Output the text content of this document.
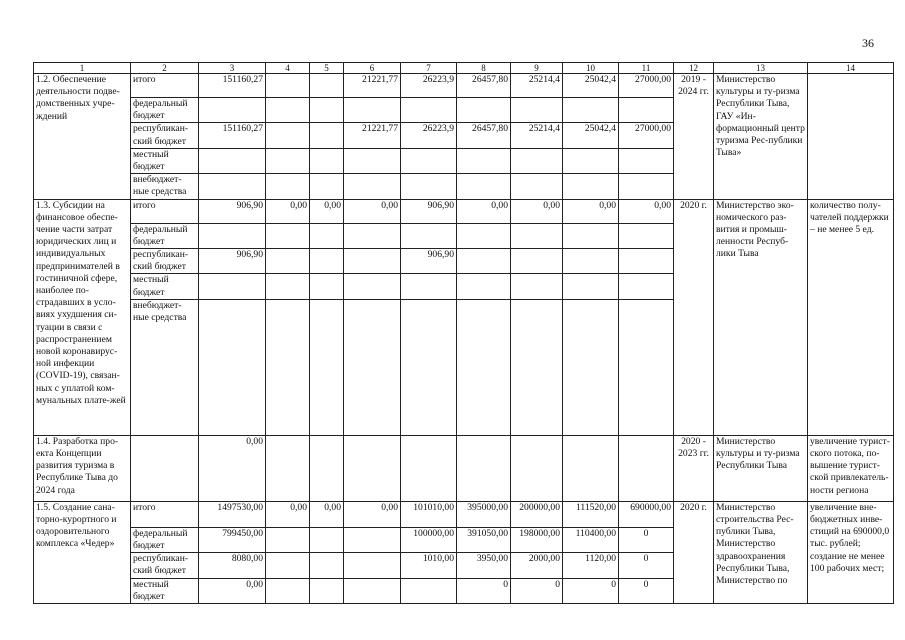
36
1	2	3	4	5	6	7	8	9	10	11	12	13	14
1.2. Обеспечение деятельности подве-домственных учре-ждений	итого	151160,27			21221,77	26223,9	26457,80	25214,4	25042,4	27000,00	2019 - 2024 гг.	Министерство культуры и ту-ризма Республики Тыва, ГАУ «Ин-формационный центр туризма Рес-публики Тыва»	
	федеральный бюджет												
	республикан-ский бюджет	151160,27			21221,77	26223,9	26457,80	25214,4	25042,4	27000,00			
	местный бюджет												
	внебюджет-ные средства												
1.3. Субсидии на финансовое обеспе-чение части затрат юридических лиц и индивидуальных предпринимателей в гостиничной сфере, наиболее по-страдавших в усло-виях ухудшения си-туации в связи с распространением новой коронавирус-ной инфекции (COVID-19), связан-ных с уплатой ком-мунальных плате-жей	итого	906,90	0,00	0,00	0,00	906,90	0,00	0,00	0,00	0,00	2020 г.	Министерство эко-номического раз-вития и промыш-ленности Респуб-лики Тыва	количество полу-чателей поддержки – не менее 5 ед.
	федеральный бюджет												
	республикан-ский бюджет	906,90				906,90							
	местный бюджет												
	внебюджет-ные средства												
1.4. Разработка про-екта Концепции развития туризма в Республике Тыва до 2024 года		0,00									2020 - 2023 гг.	Министерство культуры и ту-ризма Республики Тыва	увеличение турист-ского потока, по-вышение турист-ской привлекатель-ности региона
1.5. Создание сана-торно-курортного и оздоровительного комплекса «Чедер»	итого	1497530,00	0,00	0,00	0,00	101010,00	395000,00	200000,00	111520,00	690000,00	2020 г.	Министерство строительства Рес-публики Тыва, Министерство здравоохранения Республики Тыва, Министерство по	увеличение вне-бюджетных инве-стиций на 690000,0 тыс. рублей; создание не менее 100 рабочих мест;
	федеральный бюджет	799450,00				100000,00	391050,00	198000,00	110400,00	0			
	республикан-ский бюджет	8080,00				1010,00	3950,00	2000,00	1120,00	0			
	местный бюджет	0,00					0	0	0	0			
